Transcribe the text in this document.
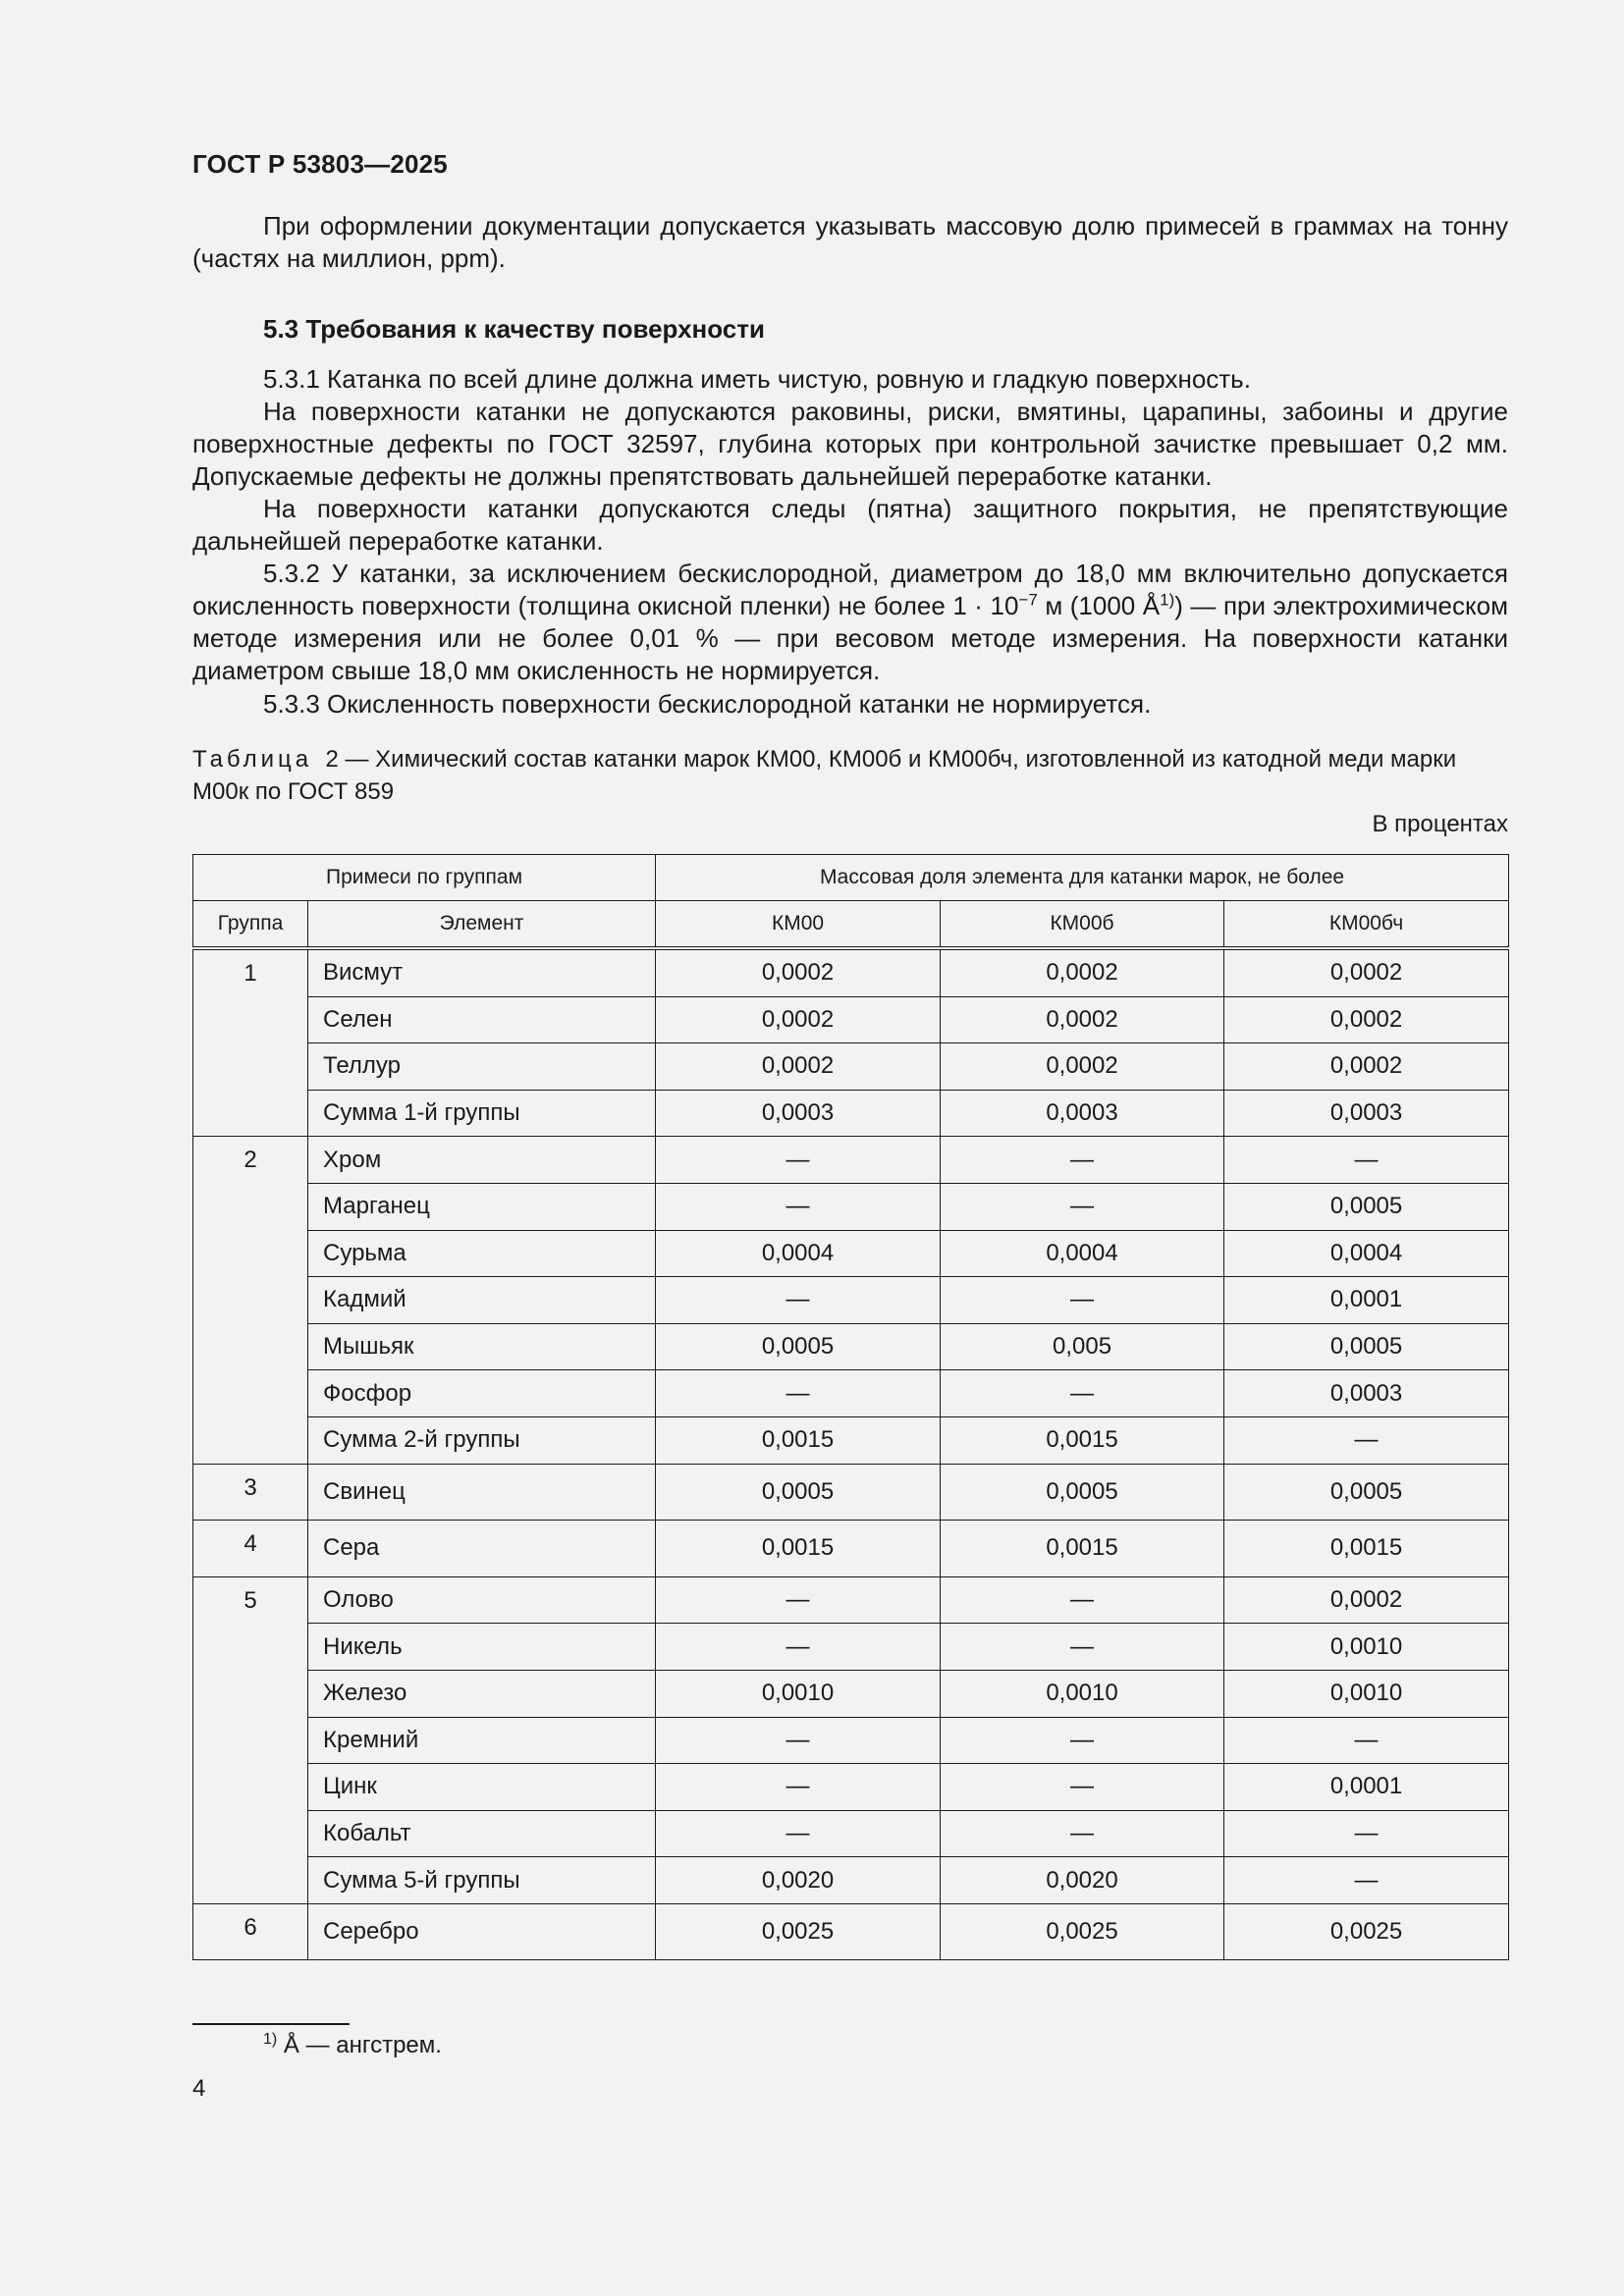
ГОСТ Р 53803—2025

При оформлении документации допускается указывать массовую долю примесей в граммах на тонну (частях на миллион, ppm).

5.3 Требования к качеству поверхности
5.3.1 Катанка по всей длине должна иметь чистую, ровную и гладкую поверхность.
На поверхности катанки не допускаются раковины, риски, вмятины, царапины, забоины и другие поверхностные дефекты по ГОСТ 32597, глубина которых при контрольной зачистке превышает 0,2 мм. Допускаемые дефекты не должны препятствовать дальнейшей переработке катанки.
На поверхности катанки допускаются следы (пятна) защитного покрытия, не препятствующие дальнейшей переработке катанки.
5.3.2 У катанки, за исключением бескислородной, диаметром до 18,0 мм включительно допускается окисленность поверхности (толщина окисной пленки) не более $1 \cdot 10^{-7}$ м (1000 $Å^{1)}$) — при электрохимическом методе измерения или не более 0,01 % — при весовом методе измерения. На поверхности катанки диаметром свыше 18,0 мм окисленность не нормируется.
5.3.3 Окисленность поверхности бескислородной катанки не нормируется.
Таблица 2 — Химический состав катанки марок КМ00, КМ00б и КМ00бч, изготовленной из катодной меди марки М00к по ГОСТ 859
В процентах
Примеси по группам		Массовая доля элемента для катанки марок, не более		
Группа	Элемент	КМ00	КМ00б	КМ00бч
1	Висмут	0,0002	0,0002	0,0002
	Селен	0,0002	0,0002	0,0002
	Теллур	0,0002	0,0002	0,0002
	Сумма 1-й группы	0,0003	0,0003	0,0003
2	Хром	—	—	—
	Марганец	—	—	0,0005
	Сурьма	0,0004	0,0004	0,0004
	Кадмий	—	—	0,0001
	Мышьяк	0,0005	0,005	0,0005
	Фосфор	—	—	0,0003
	Сумма 2-й группы	0,0015	0,0015	—
3	Свинец	0,0005	0,0005	0,0005
4	Сера	0,0015	0,0015	0,0015
5	Олово	—	—	0,0002
	Никель	—	—	0,0010
	Железо	0,0010	0,0010	0,0010
	Кремний	—	—	—
	Цинк	—	—	0,0001
	Кобальт	—	—	—
	Сумма 5-й группы	0,0020	0,0020	—
6	Серебро	0,0025	0,0025	0,0025
$^{1)}$ Å — ангстрем.
4
